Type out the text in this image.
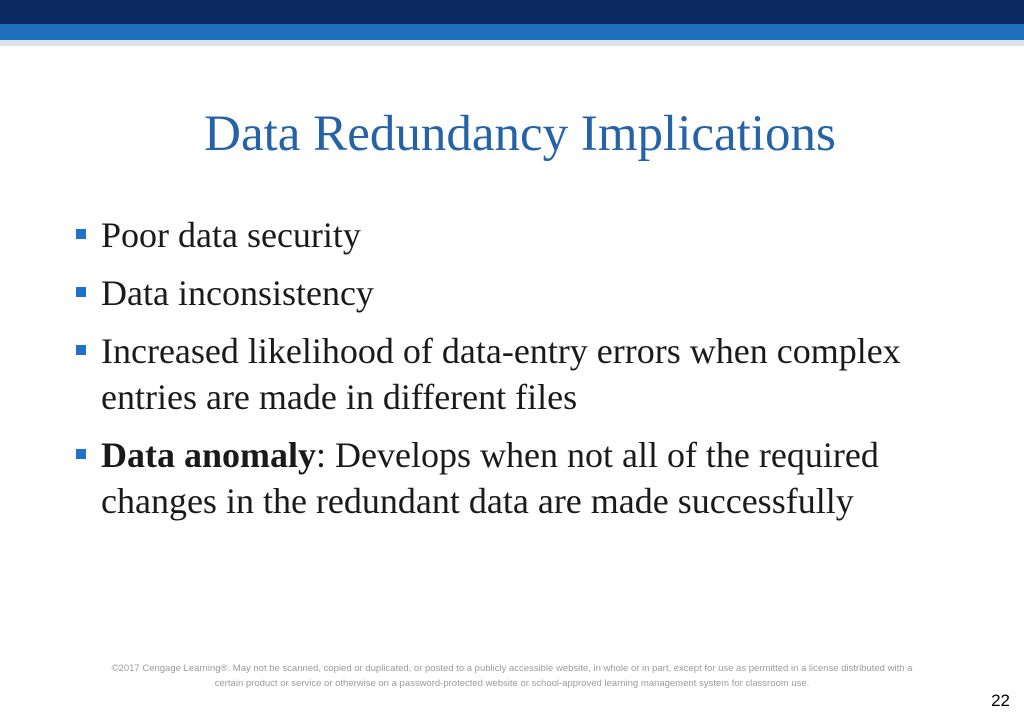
Data Redundancy Implications
Poor data security
Data inconsistency
Increased likelihood of data-entry errors when complex entries are made in different files
Data anomaly: Develops when not all of the required changes in the redundant data are made successfully
©2017 Cengage Learning®. May not be scanned, copied or duplicated, or posted to a publicly accessible website, in whole or in part, except for use as permitted in a license distributed with a
certain product or service or otherwise on a password-protected website or school-approved learning management system for classroom use.
22
